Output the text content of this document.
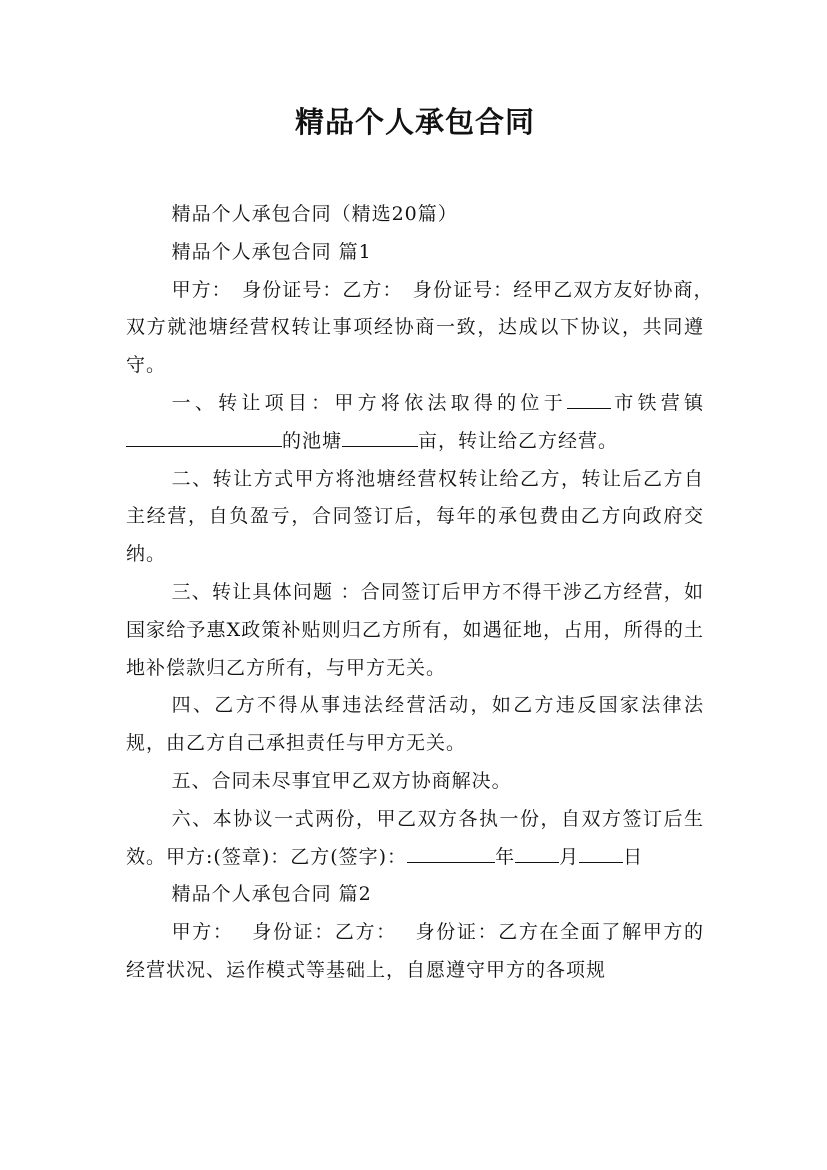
精品个人承包合同

精品个人承包合同（精选20篇）

精品个人承包合同 篇1

甲方：　身份证号：乙方：　身份证号：经甲乙双方友好协商，　双方就池塘经营权转让事项经协商一致，达成以下协议，共同遵守。

一、转让项目：甲方将依法取得的位于 市铁营镇的池塘	亩，转让给乙方经营。

二、转让方式甲方将池塘经营权转让给乙方，转让后乙方自主经营，自负盈亏，合同签订后，每年的承包费由乙方向政府交纳。

三、转让具体问题 ：合同签订后甲方不得干涉乙方经营，如国家给予惠X政策补贴则归乙方所有，如遇征地，占用，所得的土地补偿款归乙方所有，与甲方无关。

四、乙方不得从事违法经营活动，如乙方违反国家法律法规，由乙方自己承担责任与甲方无关。

五、合同未尽事宜甲乙双方协商解决。

六、本协议一式两份，甲乙双方各执一份，自双方签订后生效。甲方:(签章)：乙方(签字)：	年 月 日

精品个人承包合同 篇2

甲方：　 身份证：乙方：　 身份证：乙方在全面了解甲方的经营状况、运作模式等基础上，自愿遵守甲方的各项规
